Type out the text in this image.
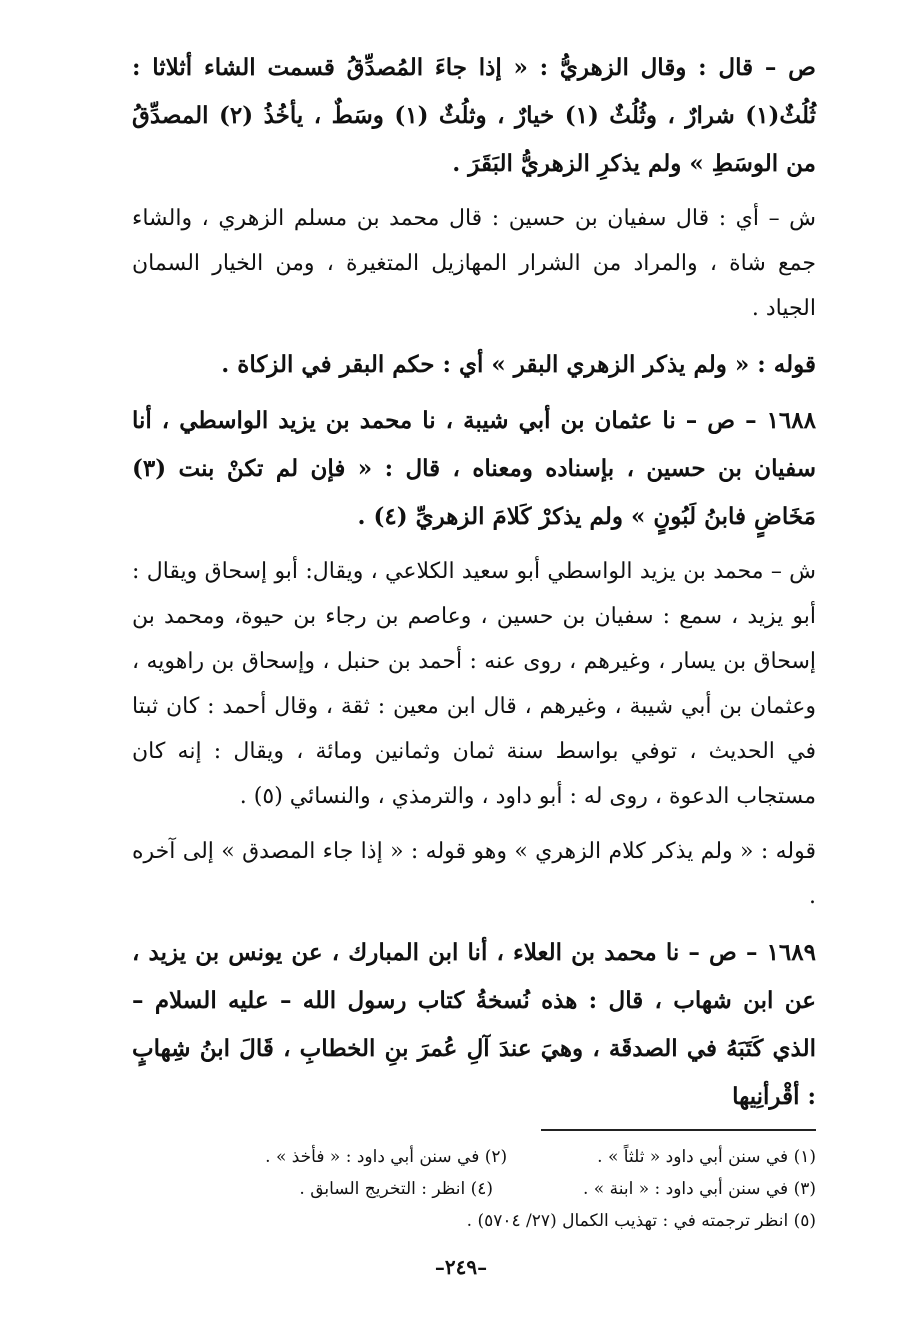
ص – قال : وقال الزهريُّ : « إذا جاءَ المُصدِّقُ قسمت الشاء أثلاثا : ثُلُثٌ(١) شرارٌ ، وثُلُثٌ (١) خيارٌ ، وثلُثٌ (١) وسَطٌ ، يأخُذُ (٢) المصدِّقُ من الوسَطِ » ولم يذكرِ الزهريُّ البَقَرَ .

ش – أي : قال سفيان بن حسين : قال محمد بن مسلم الزهري ، والشاء جمع شاة ، والمراد من الشرار المهازيل المتغيرة ، ومن الخيار السمان الجياد .

قوله : « ولم يذكر الزهري البقر » أي : حكم البقر في الزكاة .

١٦٨٨ – ص – نا عثمان بن أبي شيبة ، نا محمد بن يزيد الواسطي ، أنا سفيان بن حسين ، بإسناده ومعناه ، قال : « فإن لم تكنْ بنت (٣) مَخَاضٍ فابنُ لَبُونٍ » ولم يذكرْ كَلامَ الزهريِّ (٤) .

ش – محمد بن يزيد الواسطي أبو سعيد الكلاعي ، ويقال: أبو إسحاق ويقال : أبو يزيد ، سمع : سفيان بن حسين ، وعاصم بن رجاء بن حيوة، ومحمد بن إسحاق بن يسار ، وغيرهم ، روى عنه : أحمد بن حنبل ، وإسحاق بن راهويه ، وعثمان بن أبي شيبة ، وغيرهم ، قال ابن معين : ثقة ، وقال أحمد : كان ثبتا في الحديث ، توفي بواسط سنة ثمان وثمانين ومائة ، ويقال : إنه كان مستجاب الدعوة ، روى له : أبو داود ، والترمذي ، والنسائي (٥) .

قوله : « ولم يذكر كلام الزهري » وهو قوله : « إذا جاء المصدق » إلى آخره .

١٦٨٩ – ص – نا محمد بن العلاء ، أنا ابن المبارك ، عن يونس بن يزيد ، عن ابن شهاب ، قال : هذه نُسخةُ كتاب رسول الله – عليه السلام – الذي كَتَبَهُ في الصدقَة ، وهيَ عندَ آلِ عُمرَ بنِ الخطابِ ، قَالَ ابنُ شِهابٍ : أقْرأنِيها

(١) في سنن أبي داود « ثلثاً » .
(٢) في سنن أبي داود : « فأخذ » .
(٣) في سنن أبي داود : « ابنة » .
(٤) انظر : التخريج السابق .
(٥) انظر ترجمته في : تهذيب الكمال (٢٧/ ٥٧٠٤) .
–٢٤٩–
